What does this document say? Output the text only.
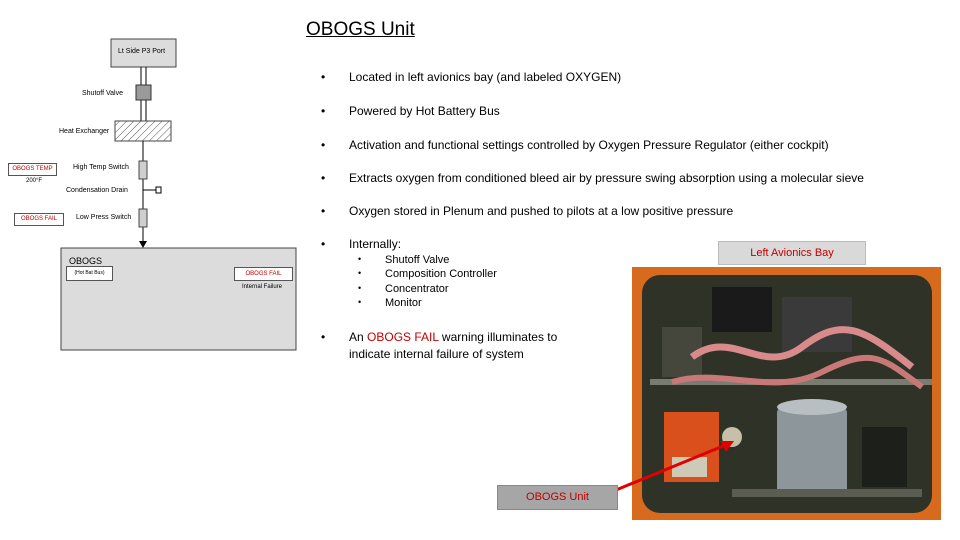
OBOGS Unit
Lt Side P3 Port
Shutoff Valve
Heat Exchanger
OBOGS TEMP
200°F
High Temp Switch
Condensation Drain
OBOGS FAIL	Low Press Switch
OBOGS
(Hot Bat Bus)	OBOGS FAIL
Internal Failure
• Located in left avionics bay (and labeled OXYGEN)
• Powered by Hot Battery Bus
• Activation and functional settings controlled by Oxygen Pressure Regulator (either cockpit)
• Extracts oxygen from conditioned bleed air by pressure swing absorption using a molecular sieve
• Oxygen stored in Plenum and pushed to pilots at a low positive pressure
• Internally:
• Shutoff Valve
• Composition Controller
• Concentrator
• Monitor
• An OBOGS FAIL warning illuminates to
indicate internal failure of system
Left Avionics Bay
OBOGS Unit
